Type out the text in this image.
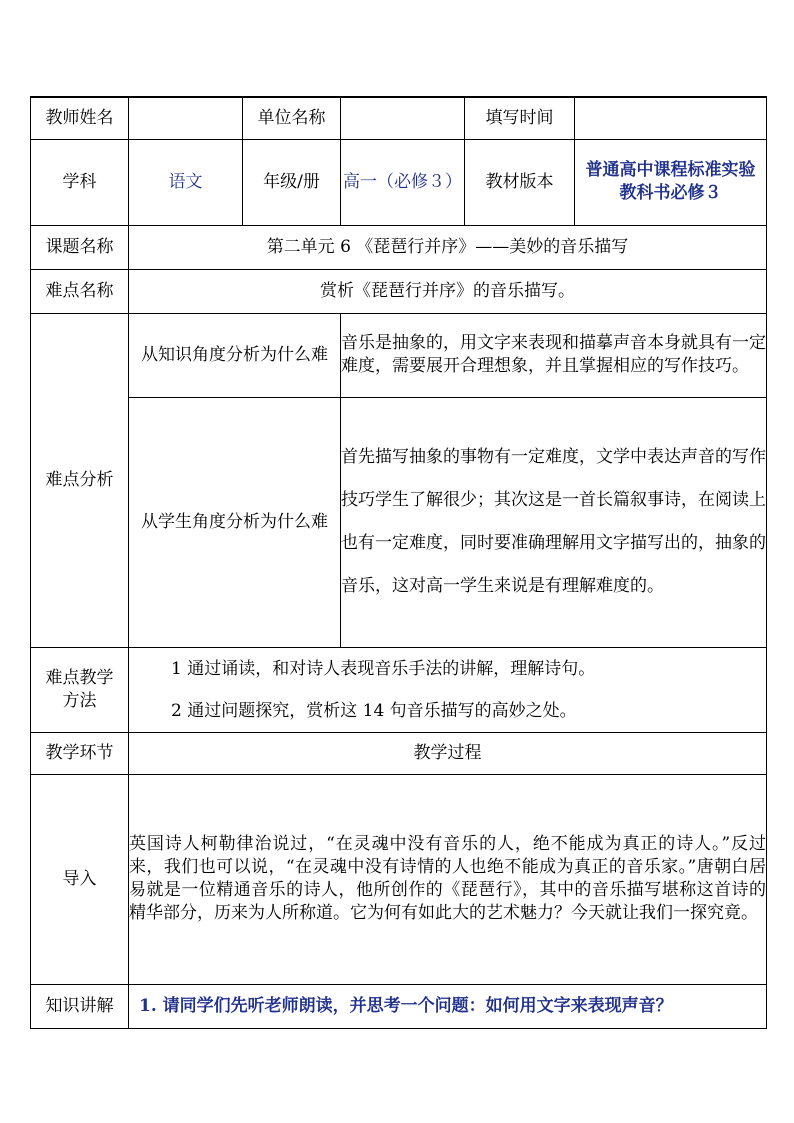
教师姓名		单位名称		填写时间	
学科	语文	年级/册	高一（必修３）	教材版本	普通高中课程标准实验教科书必修３
课题名称	第二单元 6 《琵琶行并序》——美妙的音乐描写				
难点名称	赏析《琵琶行并序》的音乐描写。				
难点分析	从知识角度分析为什么难		音乐是抽象的，用文字来表现和描摹声音本身就具有一定难度，需要展开合理想象，并且掌握相应的写作技巧。		
	从学生角度分析为什么难		首先描写抽象的事物有一定难度，文学中表达声音的写作技巧学生了解很少；其次这是一首长篇叙事诗，在阅读上也有一定难度，同时要准确理解用文字描写出的，抽象的音乐，这对高一学生来说是有理解难度的。		
难点教学方法	1 通过诵读，和对诗人表现音乐手法的讲解，理解诗句。
2 通过问题探究，赏析这 14 句音乐描写的高妙之处。				

教学环节	教学过程				
导入	英国诗人柯勒律治说过，“在灵魂中没有音乐的人，绝不能成为真正的诗人。”反过来，我们也可以说，“在灵魂中没有诗情的人也绝不能成为真正的音乐家。”唐朝白居易就是一位精通音乐的诗人，他所创作的《琵琶行》，其中的音乐描写堪称这首诗的精华部分，历来为人所称道。它为何有如此大的艺术魅力？今天就让我们一探究竟。				
知识讲解	1. 请同学们先听老师朗读，并思考一个问题：如何用文字来表现声音？				
